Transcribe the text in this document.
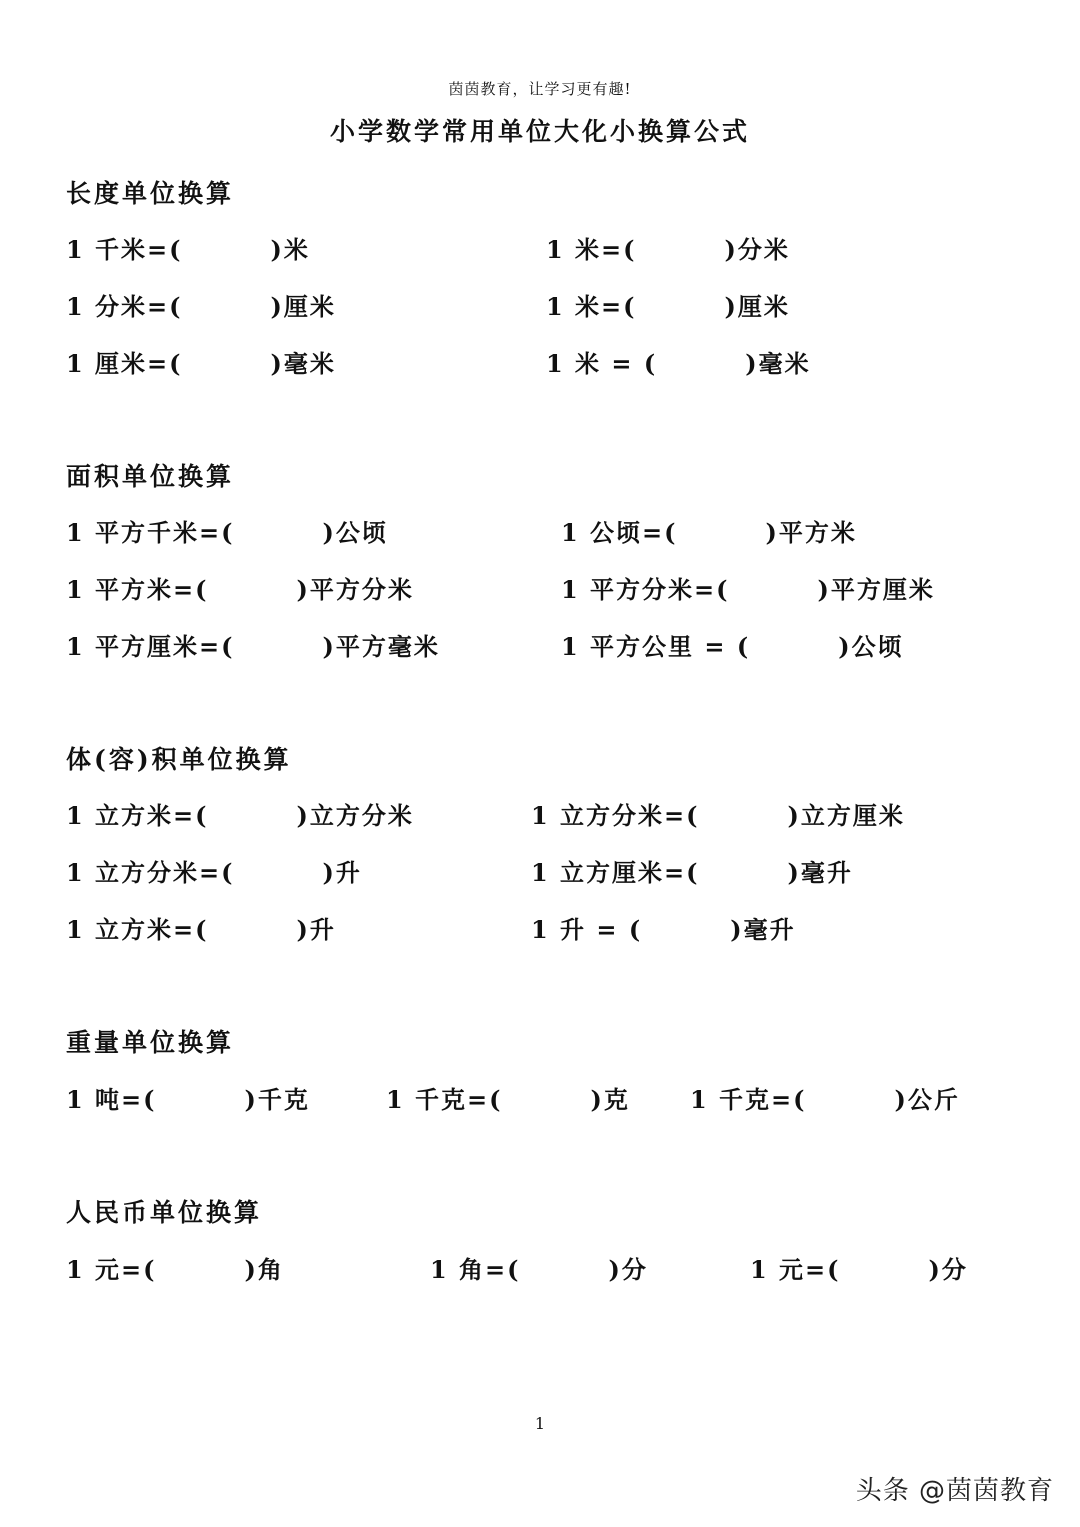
茵茵教育，让学习更有趣!
小学数学常用单位大化小换算公式
长度单位换算
1 千米=(	)米	1 米=(	)分米
1 分米=(	)厘米	1 米=(	)厘米
1 厘米=(	)毫米	1 米 = (	)毫米
面积单位换算
1 平方千米=(	)公顷	1 公顷=(	)平方米
1 平方米=(	)平方分米	1 平方分米=(	)平方厘米
1 平方厘米=(	)平方毫米	1 平方公里 = (	)公顷
体(容)积单位换算
1 立方米=(	)立方分米	1 立方分米=(	)立方厘米
1 立方分米=(	)升	1 立方厘米=(	)毫升
1 立方米=(	)升	1 升 = (	)毫升
重量单位换算
1 吨=(	)千克	1 千克=(	)克	1 千克=(	)公斤
人民币单位换算
1 元=(	)角	1 角=(	)分	1 元=(	)分
1
头条 @茵茵教育
